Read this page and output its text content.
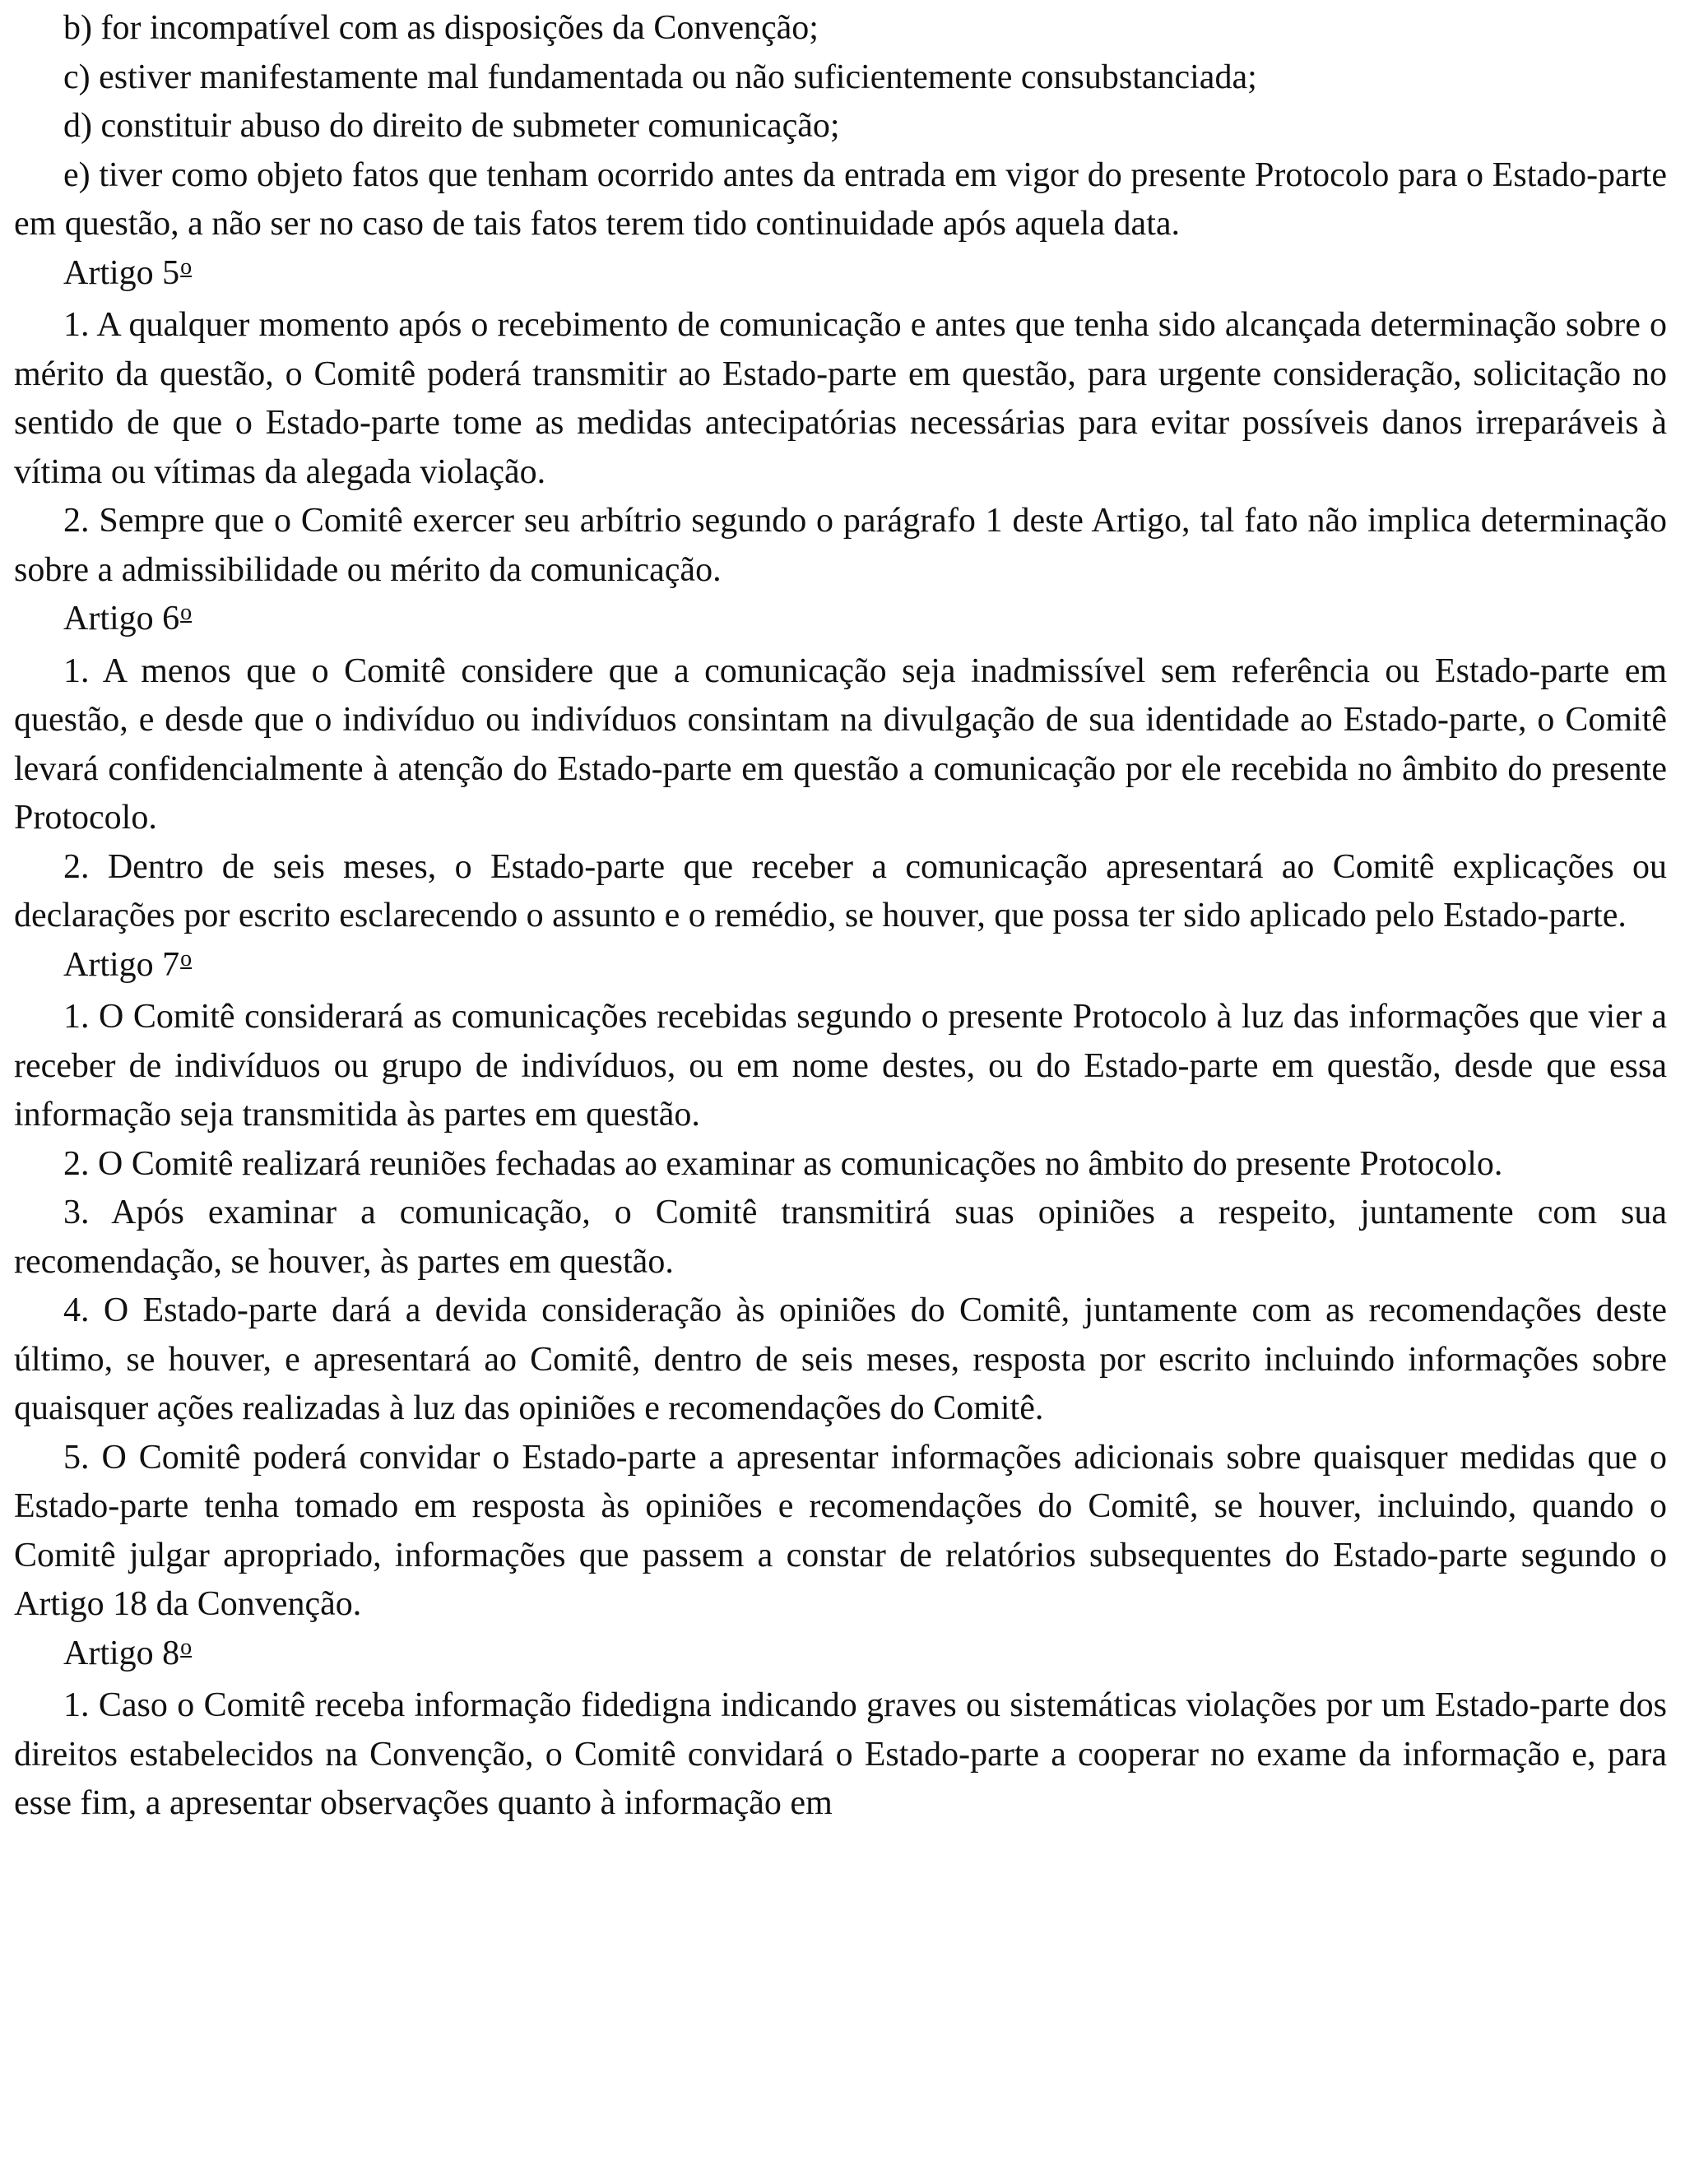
b) for incompatível com as disposições da Convenção;

c) estiver manifestamente mal fundamentada ou não suficientemente consubstanciada;

d) constituir abuso do direito de submeter comunicação;

e) tiver como objeto fatos que tenham ocorrido antes da entrada em vigor do presente Protocolo para o Estado-parte em questão, a não ser no caso de tais fatos terem tido continuidade após aquela data.

Artigo 5$^o$

1. A qualquer momento após o recebimento de comunicação e antes que tenha sido alcançada determinação sobre o mérito da questão, o Comitê poderá transmitir ao Estado-parte em questão, para urgente consideração, solicitação no sentido de que o Estado-parte tome as medidas antecipatórias necessárias para evitar possíveis danos irreparáveis à vítima ou vítimas da alegada violação.

2. Sempre que o Comitê exercer seu arbítrio segundo o parágrafo 1 deste Artigo, tal fato não implica determinação sobre a admissibilidade ou mérito da comunicação.

Artigo 6$^o$

1. A menos que o Comitê considere que a comunicação seja inadmissível sem referência ou Estado-parte em questão, e desde que o indivíduo ou indivíduos consintam na divulgação de sua identidade ao Estado-parte, o Comitê levará confidencialmente à atenção do Estado-parte em questão a comunicação por ele recebida no âmbito do presente Protocolo.

2. Dentro de seis meses, o Estado-parte que receber a comunicação apresentará ao Comitê explicações ou declarações por escrito esclarecendo o assunto e o remédio, se houver, que possa ter sido aplicado pelo Estado-parte.

Artigo 7$^o$

1. O Comitê considerará as comunicações recebidas segundo o presente Protocolo à luz das informações que vier a receber de indivíduos ou grupo de indivíduos, ou em nome destes, ou do Estado-parte em questão, desde que essa informação seja transmitida às partes em questão.

2. O Comitê realizará reuniões fechadas ao examinar as comunicações no âmbito do presente Protocolo.

3. Após examinar a comunicação, o Comitê transmitirá suas opiniões a respeito, juntamente com sua recomendação, se houver, às partes em questão.

4. O Estado-parte dará a devida consideração às opiniões do Comitê, juntamente com as recomendações deste último, se houver, e apresentará ao Comitê, dentro de seis meses, resposta por escrito incluindo informações sobre quaisquer ações realizadas à luz das opiniões e recomendações do Comitê.

5. O Comitê poderá convidar o Estado-parte a apresentar informações adicionais sobre quaisquer medidas que o Estado-parte tenha tomado em resposta às opiniões e recomendações do Comitê, se houver, incluindo, quando o Comitê julgar apropriado, informações que passem a constar de relatórios subsequentes do Estado-parte segundo o Artigo 18 da Convenção.

Artigo 8$^o$

1. Caso o Comitê receba informação fidedigna indicando graves ou sistemáticas violações por um Estado-parte dos direitos estabelecidos na Convenção, o Comitê convidará o Estado-parte a cooperar no exame da informação e, para esse fim, a apresentar observações quanto à informação em
